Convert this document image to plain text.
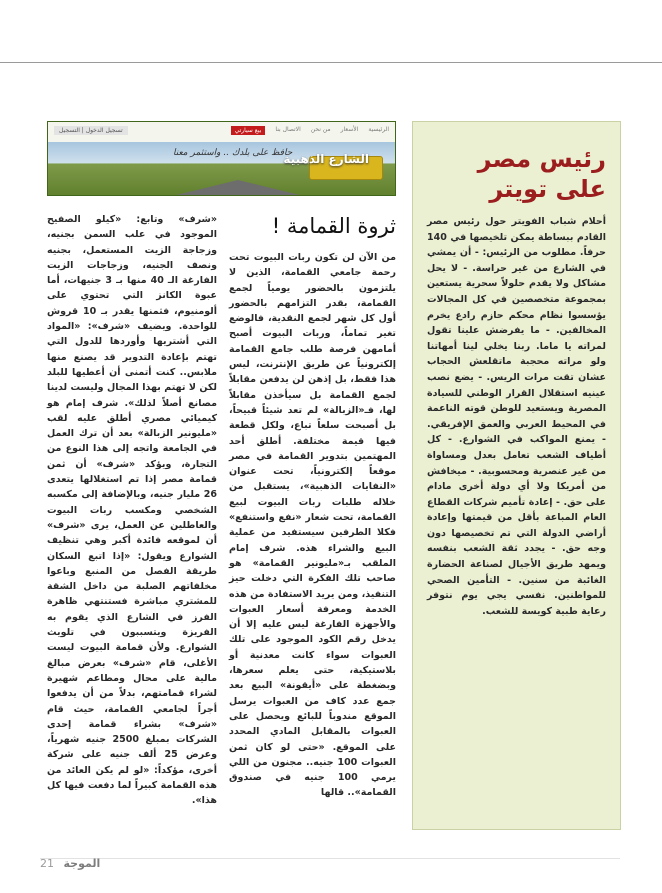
رئيس مصر على تويتر

أحلام شباب الفويتر حول رئيس مصر القادم ببساطة يمكن تلخيصها في 140 حرفاً. مطلوب من الرئيس: - أن يمشي في الشارع من غير حراسة. - لا يحل مشاكل ولا يقدم حلولاً سحرية يستعين بمجموعة متخصصين في كل المجالات يؤسسوا نظام محكم حازم رادع يخرم المخالفين. - ما يفرضش علينا تقول لمراته يا ماما. ربنا يخلي لينا أمهاتنا ولو مراته محجبة ماتقلعش الحجاب عشان تقت مرات الريس. - يضع نصب عينيه استقلال القرار الوطني للسيادة المصرية ويستعيد للوطن قوته الناعمة في المحيط العربي والعمق الإفريقي. - يمنع المواكب في الشوارع. - كل أطياف الشعب تعامل بعدل ومساواة من غير عنصرية ومحسوبية. - ميخافش من أمريكا ولا أي دولة أخرى مادام على حق. - إعادة تأميم شركات القطاع العام المباعة بأقل من قيمتها وإعادة أراضي الدولة التي تم تخصيصها دون وجه حق. - يجدد ثقة الشعب بنفسه ويمهد طريق الأجيال لصناعة الحضارة الغائبة من سنين. - التأمين الصحي للمواطنين. نفسي يجي يوم نتوفر رعاية طبية كويسة للشعب.

الرئيسية
الأسعار
من نحن
الاتصال بنا
بيع سيارتي
تسجيل الدخول | التسجيل
الشارع الذهبية
حافظ على بلدك .. واستثمر معنا
ثروة القمامة !

من الآن لن تكون ربات البيوت تحت رحمة جامعي القمامة، الذين لا يلتزمون بالحضور يومياً لجمع القمامة، بقدر التزامهم بالحضور أول كل شهر لجمع النقدية، فالوضع تغير تماماً، وربات البيوت أصبح أمامهن فرصة طلب جامع القمامة إلكترونياً عن طريق الإنترنت، ليس هذا فقط، بل إذهن لن يدفعن مقابلاً لجمع القمامة بل سيأخذن مقابلاً لها، فـ«الزبالة» لم تعد شيئاً قبيحاً، بل أصبحت سلعاً تباع، ولكل قطعة فيها قيمة مختلفة. أطلق أحد المهتمين بتدوير القمامة في مصر موقعاً إلكترونياً، تحت عنوان «النفايات الذهبية»، يستقبل من خلاله طلبات ربات البيوت لبيع القمامة، تحت شعار «نفع واستنفع» فكلا الطرفين سيستفيد من عملية البيع والشراء هذه. شرف إمام الملقب بـ«مليونير القمامة» هو صاحب تلك الفكرة التي دخلت حيز التنفيذ، ومن يريد الاستفادة من هذه الخدمة ومعرفة أسعار العبوات والأجهزة الفارغة ليس عليه إلا أن يدخل رقم الكود الموجود على تلك العبوات سواء كانت معدنية أو بلاستيكية، حتى يعلم سعرها، وبضغطة على «أيقونة» البيع بعد جمع عدد كاف من العبوات يرسل الموقع مندوباً للبائع ويحصل على العبوات بالمقابل المادي المحدد على الموقع. «حتى لو كان ثمن العبوات 100 جنيه.. مجنون من اللي يرمي 100 جنيه في صندوق القمامة».. قالها

«شرف» وتابع: «كيلو الصفيح الموجود في علب السمن بجنيه، وزجاجة الزيت المستعمل، بجنيه ونصف الجنيه، وزجاجات الزيت الفارغة الـ 40 منها بـ 3 جنيهات، أما عبوة الكانز التي تحتوي على ألومنيوم، فثمنها يقدر بـ 10 قروش للواحدة. ويضيف «شرف»: «المواد التي أشتريها وأوردها للدول التي تهتم بإعادة التدوير قد يصنع منها ملابس.. كنت أتمنى أن أعطيها للبلد لكن لا تهتم بهذا المجال وليست لدينا مصانع أصلاً لذلك». شرف إمام هو كيميائي مصري أطلق عليه لقب «مليونير الزبالة» بعد أن ترك العمل في الجامعة واتجه إلى هذا النوع من التجارة، ويؤكد «شرف» أن ثمن قمامة مصر إذا تم استغلالها يتعدى 26 مليار جنيه، وبالإضافة إلى مكسبه الشخصي ومكسب ربات البيوت والعاطلين عن العمل، يرى «شرف» أن لموقعه فائدة أكبر وهي تنظيف الشوارع ويقول: «إذا اتبع السكان طريقة الفصل من المنبع وباعوا مخلفاتهم الصلبة من داخل الشقة للمشتري مباشرة فستنتهي ظاهرة الفرز في الشارع الذي يقوم به الفريزة ويتسببون في تلويث الشوارع. ولأن قمامة البيوت ليست الأغلى، قام «شرف» بعرض مبالغ مالية على محال ومطاعم شهيرة لشراء قمامتهم، بدلاً من أن يدفعوا أجراً لجامعي القمامة، حيث قام «شرف» بشراء قمامة إحدى الشركات بمبلغ 2500 جنيه شهرياً، وعرض 25 ألف جنيه على شركة أخرى، مؤكداً: «لو لم يكن العائد من هذه القمامة كبيراً لما دفعت فيها كل هذا».

21 الموجة
